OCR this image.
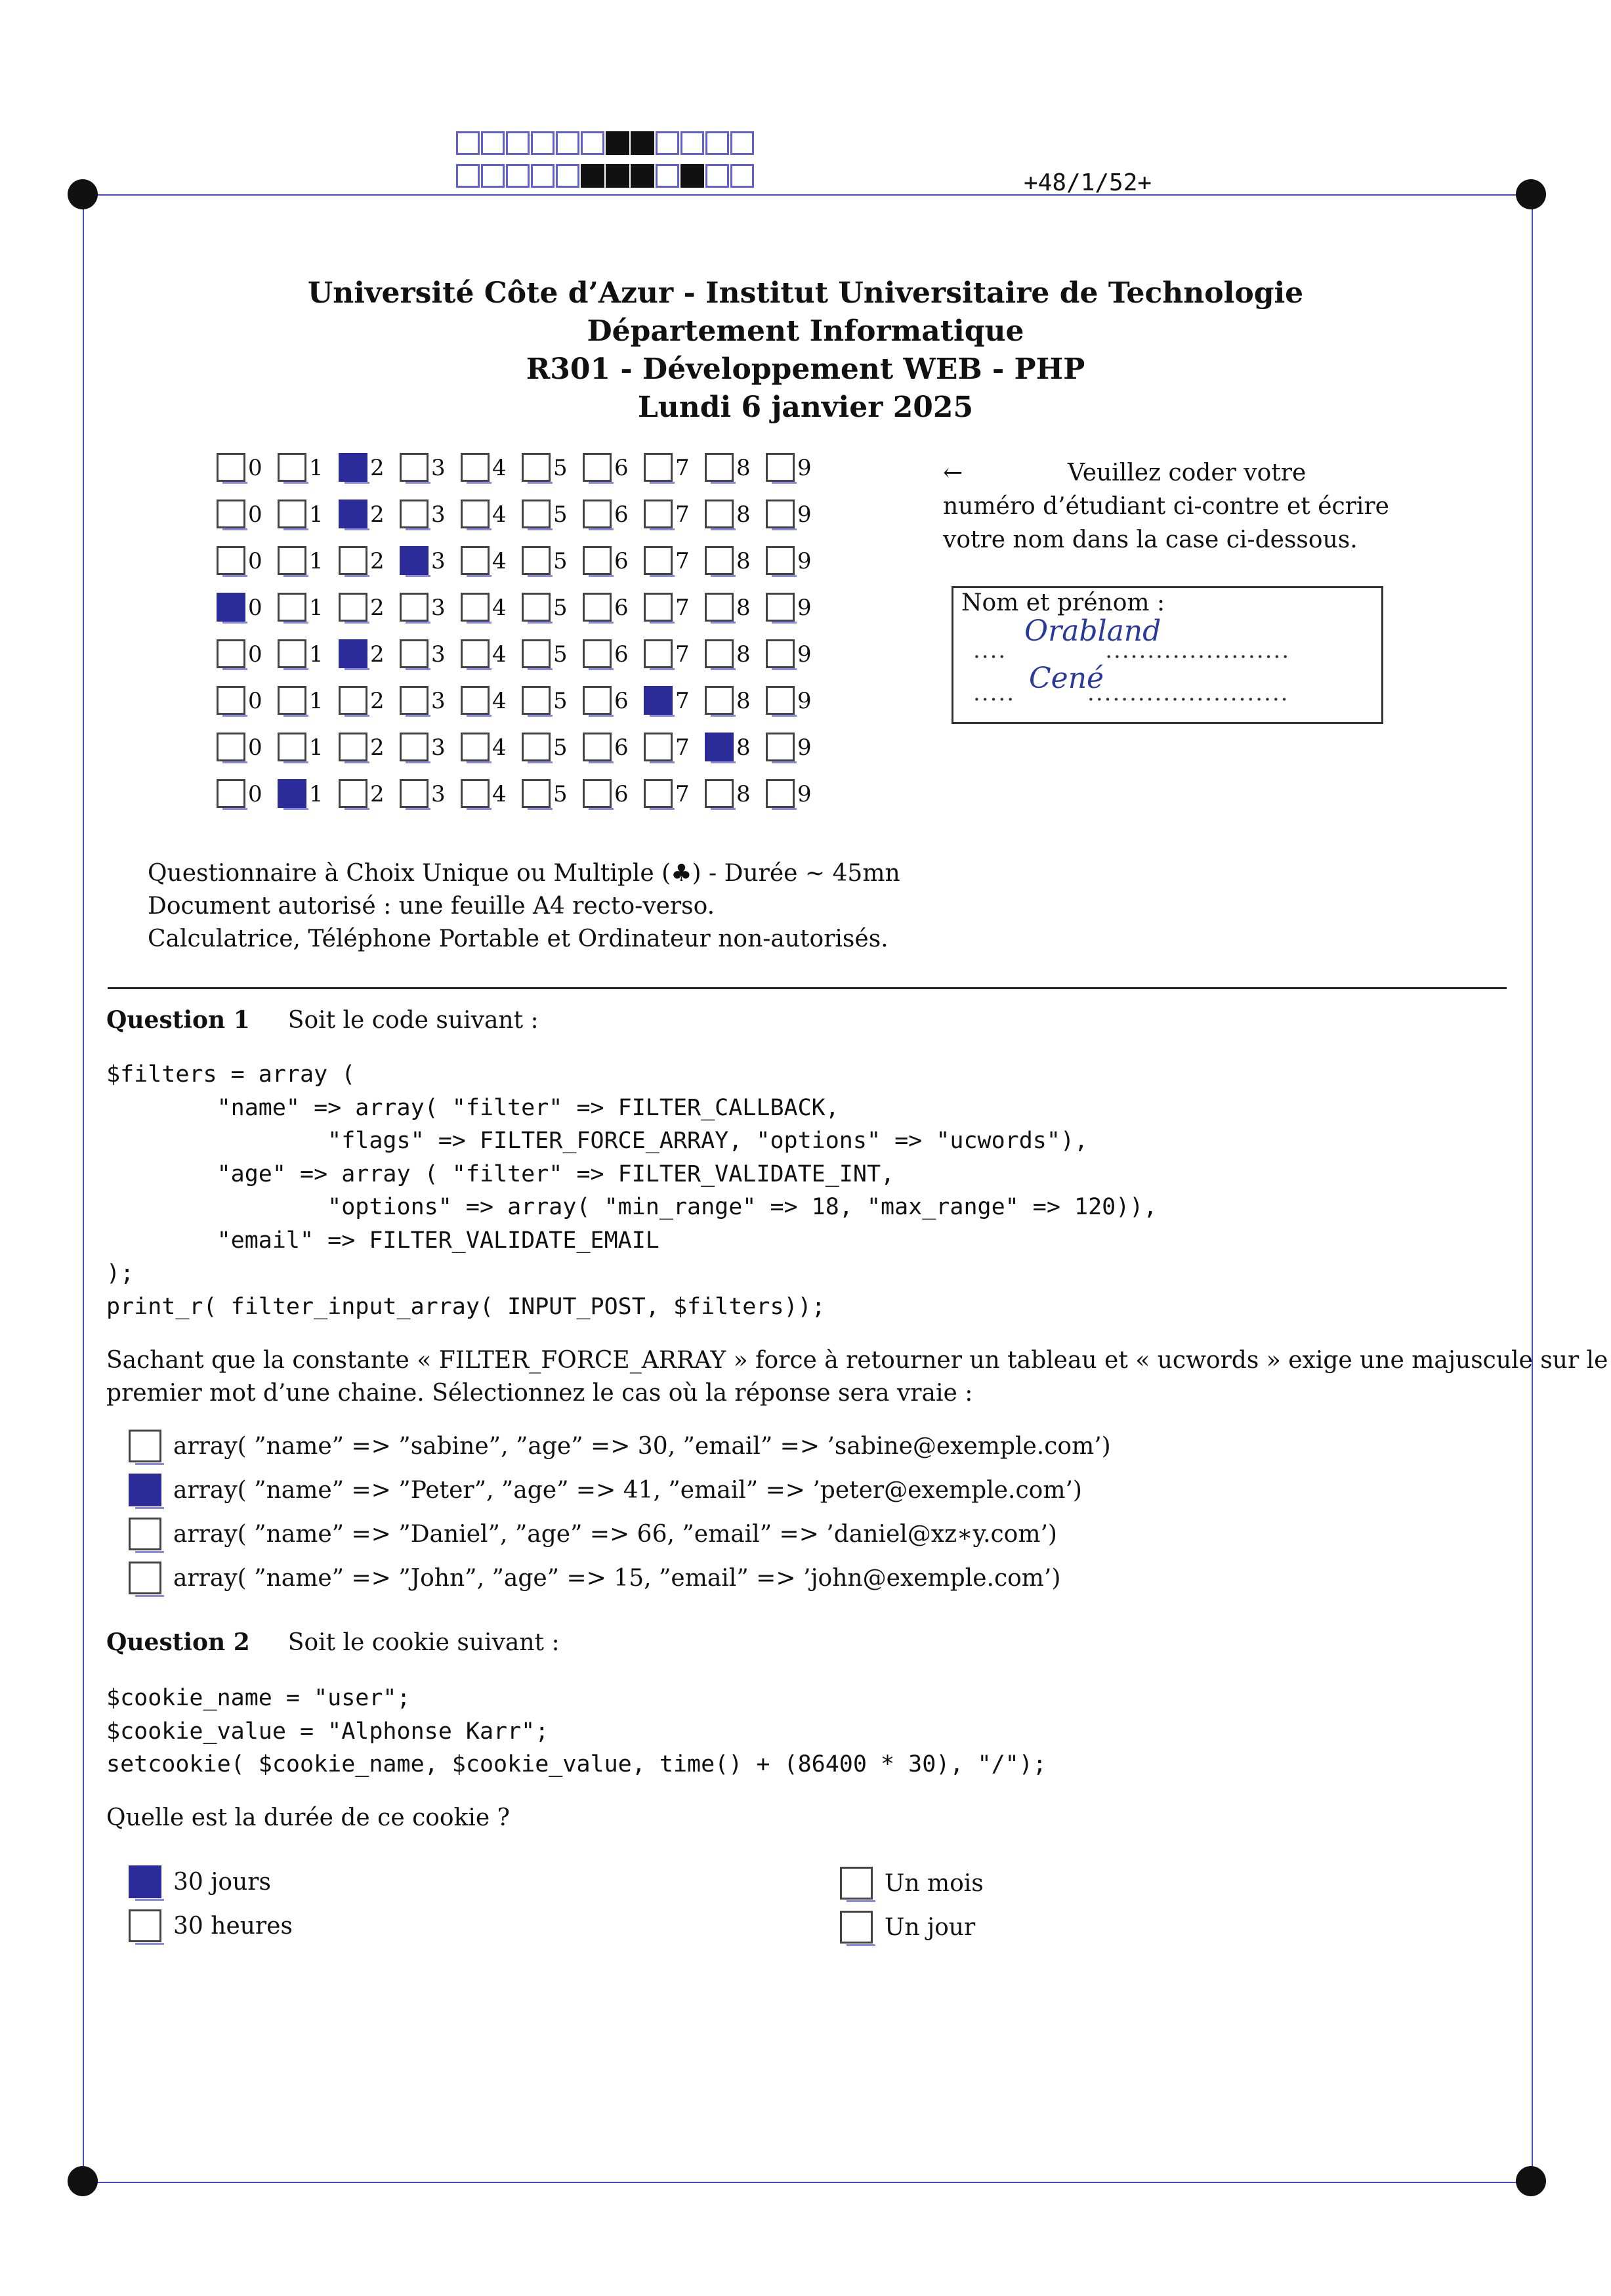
+48/1/52+
Université Côte d’Azur - Institut Universitaire de Technologie
Département Informatique
R301 - Développement WEB - PHP
Lundi 6 janvier 2025
0 1 2 3 4 5 6 7 8 9
0 1 2 3 4 5 6 7 8 9
0 1 2 3 4 5 6 7 8 9
0 1 2 3 4 5 6 7 8 9
0 1 2 3 4 5 6 7 8 9
0 1 2 3 4 5 6 7 8 9
0 1 2 3 4 5 6 7 8 9
0 1 2 3 4 5 6 7 8 9
←	Veuillez coder votre numéro d’étudiant ci-contre et écrire votre nom dans la case ci-dessous.
Nom et prénom :
....	......................
.....	........................
Orabland
Cené
Questionnaire à Choix Unique ou Multiple (♣) - Durée ∼ 45mn
Document autorisé : une feuille A4 recto-verso.
Calculatrice, Téléphone Portable et Ordinateur non-autorisés.
Question 1 Soit le code suivant :
$filters = array (
"name" => array( "filter" => FILTER_CALLBACK,
"flags" => FILTER_FORCE_ARRAY, "options" => "ucwords"),
"age" => array ( "filter" => FILTER_VALIDATE_INT,
"options" => array( "min_range" => 18, "max_range" => 120)),
"email" => FILTER_VALIDATE_EMAIL
);
print_r( filter_input_array( INPUT_POST, $filters));
Sachant que la constante « FILTER_FORCE_ARRAY » force à retourner un tableau et « ucwords » exige une majuscule sur le
premier mot d’une chaine. Sélectionnez le cas où la réponse sera vraie :
array( ”name” => ”sabine”, ”age” => 30, ”email” => ’sabine@exemple.com’)
array( ”name” => ”Peter”, ”age” => 41, ”email” => ’peter@exemple.com’)
array( ”name” => ”Daniel”, ”age” => 66, ”email” => ’daniel@xz∗y.com’)
array( ”name” => ”John”, ”age” => 15, ”email” => ’john@exemple.com’)
Question 2 Soit le cookie suivant :
$cookie_name = "user";
$cookie_value = "Alphonse Karr";
setcookie( $cookie_name, $cookie_value, time() + (86400 * 30), "/");
Quelle est la durée de ce cookie ?
30 jours
30 heures
Un mois
Un jour
